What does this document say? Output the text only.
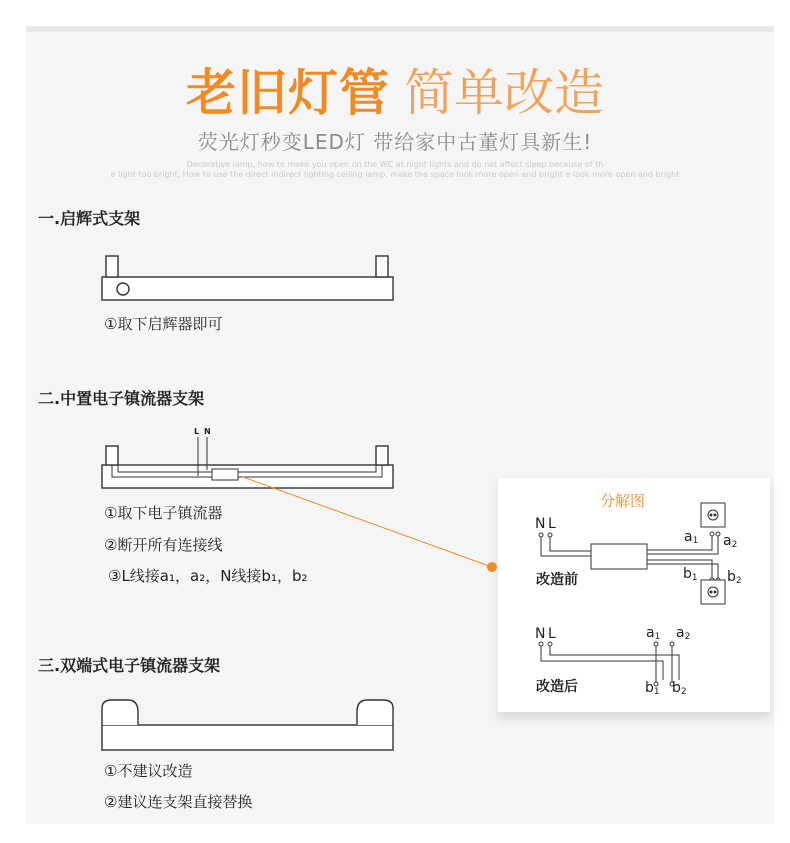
老旧灯管 简单改造
荧光灯秒变LED灯 带给家中古董灯具新生!
Decorative lamp, how to make you open on the WC at night lights and do not affect sleep because of th
e light too bright, How to use the direct indirect lighting ceiling lamp, make the space look more open and bright e look more open and bright
一.启辉式支架
①取下启辉器即可
二.中置电子镇流器支架
①取下电子镇流器
②断开所有连接线
③L线接a₁，a₂，N线接b₁，b₂
三.双端式电子镇流器支架
①不建议改造
②建议连支架直接替换
分解图
L N
N L
a1 a2
b1 b2
N L	a1 a2
b1 b2
改造前
改造后
